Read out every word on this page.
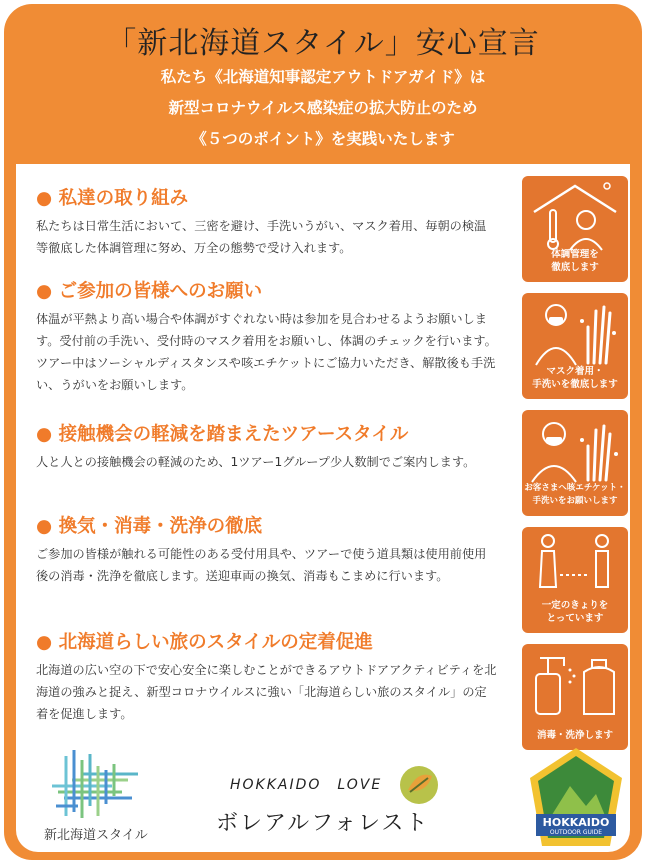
「新北海道スタイル」安心宣言
私たち《北海道知事認定アウトドアガイド》は
新型コロナウイルス感染症の拡大防止のため
《５つのポイント》を実践いたします
● 私達の取り組み

私たちは日常生活において、三密を避け、手洗いうがい、マスク着用、毎朝の検温等徹底した体調管理に努め、万全の態勢で受け入れます。

● ご参加の皆様へのお願い

体温が平熱より高い場合や体調がすぐれない時は参加を見合わせるようお願いします。受付前の手洗い、受付時のマスク着用をお願いし、体調のチェックを行います。ツアー中はソーシャルディスタンスや咳エチケットにご協力いただき、解散後も手洗い、うがいをお願いします。

● 接触機会の軽減を踏まえたツアースタイル

人と人との接触機会の軽減のため、1ツアー1グループ少人数制でご案内します。

● 換気・消毒・洗浄の徹底

ご参加の皆様が触れる可能性のある受付用具や、ツアーで使う道具類は使用前使用後の消毒・洗浄を徹底します。送迎車両の換気、消毒もこまめに行います。

● 北海道らしい旅のスタイルの定着促進

北海道の広い空の下で安心安全に楽しむことができるアウトドアアクティビティを北海道の強みと捉え、新型コロナウイルスに強い「北海道らしい旅のスタイル」の定着を促進します。

体調管理を
徹底します
マスク着用・
手洗いを徹底します
お客さまへ咳エチケット・
手洗いをお願いします
一定のきょりを
とっています
消毒・洗浄します
新北海道スタイル
HOKKAIDO　LOVE
ボレアルフォレスト	HOKKAIDO
OUTDOOR GUIDE
